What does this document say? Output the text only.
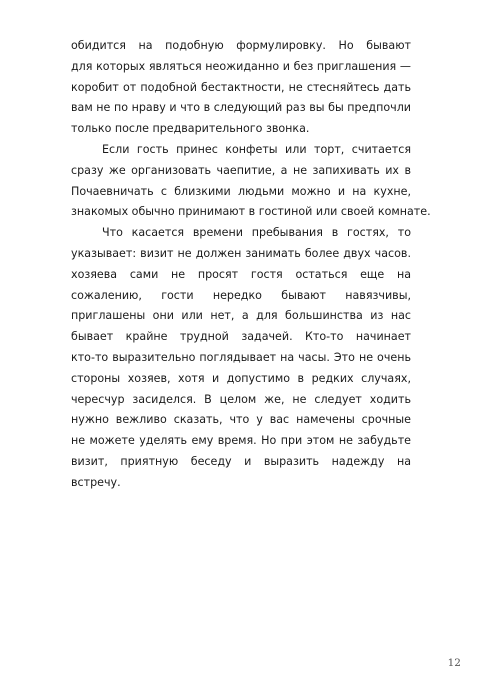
обидится на подобную формулировку. Но бывают
для которых являться неожиданно и без приглашения —
коробит от подобной бестактности, не стесняйтесь дать
вам не по нраву и что в следующий раз вы бы предпочли
только после предварительного звонка.
Если гость принес конфеты или торт, считается
сразу же организовать чаепитие, а не запихивать их в
Почаевничать с близкими людьми можно и на кухне,
знакомых обычно принимают в гостиной или своей комнате.
Что касается времени пребывания в гостях, то
указывает: визит не должен занимать более двух часов.
хозяева сами не просят гостя остаться еще на
сожалению, гости нередко бывают навязчивы,
приглашены они или нет, а для большинства из нас
бывает крайне трудной задачей. Кто-то начинает
кто-то выразительно поглядывает на часы. Это не очень
стороны хозяев, хотя и допустимо в редких случаях,
чересчур засиделся. В целом же, не следует ходить
нужно вежливо сказать, что у вас намечены срочные
не можете уделять ему время. Но при этом не забудьте
визит, приятную беседу и выразить надежду на
встречу.
12
